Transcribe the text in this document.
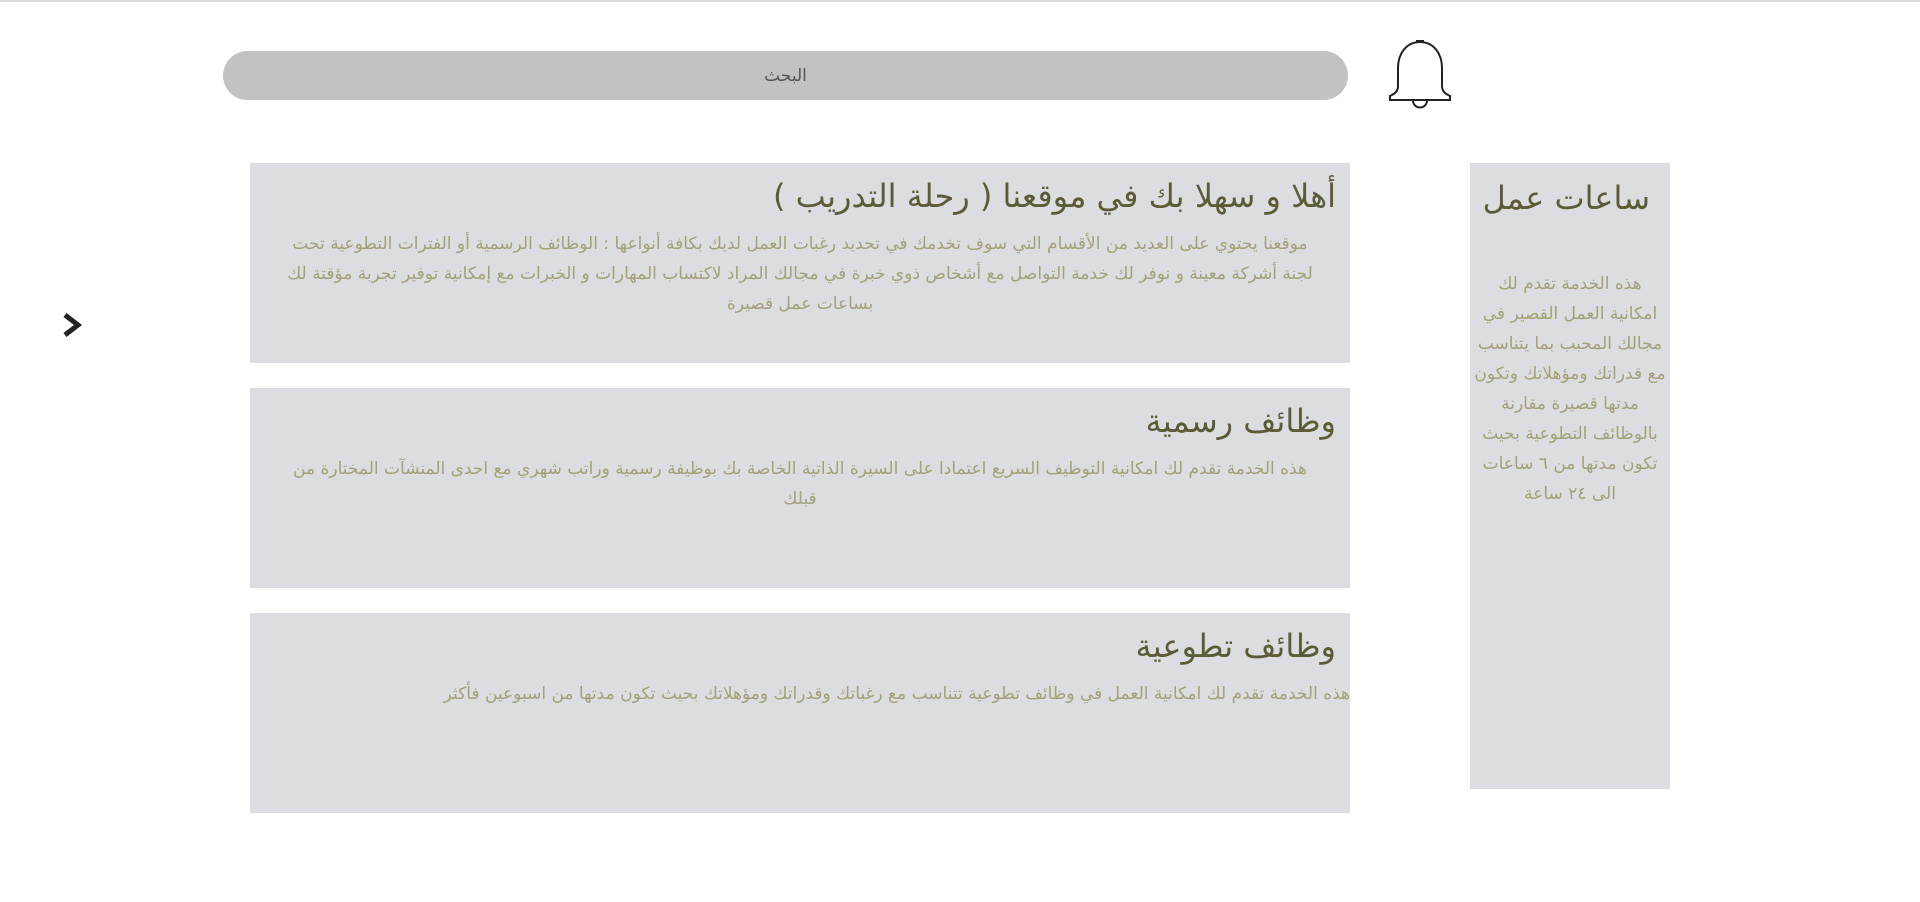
البحث
أهلا و سهلا بك في موقعنا ( رحلة التدريب )

موقعنا يحتوي على العديد من الأقسام التي سوف تخدمك في تحديد رغبات العمل لديك بكافة أنواعها : الوظائف الرسمية أو الفترات التطوعية تحت لجنة أشركة معينة و نوفر لك خدمة التواصل مع أشخاص ذوي خبرة في مجالك المراد لاكتساب المهارات و الخبرات مع إمكانية توفير تجربة مؤقتة لك بساعات عمل قصيرة

وظائف رسمية

هذه الخدمة تقدم لك امكانية التوظيف السريع اعتمادا على السيرة الذاتية الخاصة بك بوظيفة رسمية وراتب شهري مع احدى المنشآت المختارة من قبلك

وظائف تطوعية

هذه الخدمة تقدم لك امكانية العمل في وظائف تطوعية تتناسب مع رغباتك وقدراتك ومؤهلاتك بحيث تكون مدتها من اسبوعين فأكثر

ساعات عمل

هذه الخدمة تقدم لك امكانية العمل القصير في مجالك المحبب بما يتناسب مع قدراتك ومؤهلاتك وتكون مدتها قصيرة مقارنة بالوظائف التطوعية بحيث تكون مدتها من ٦ ساعات الى ٢٤ ساعة
